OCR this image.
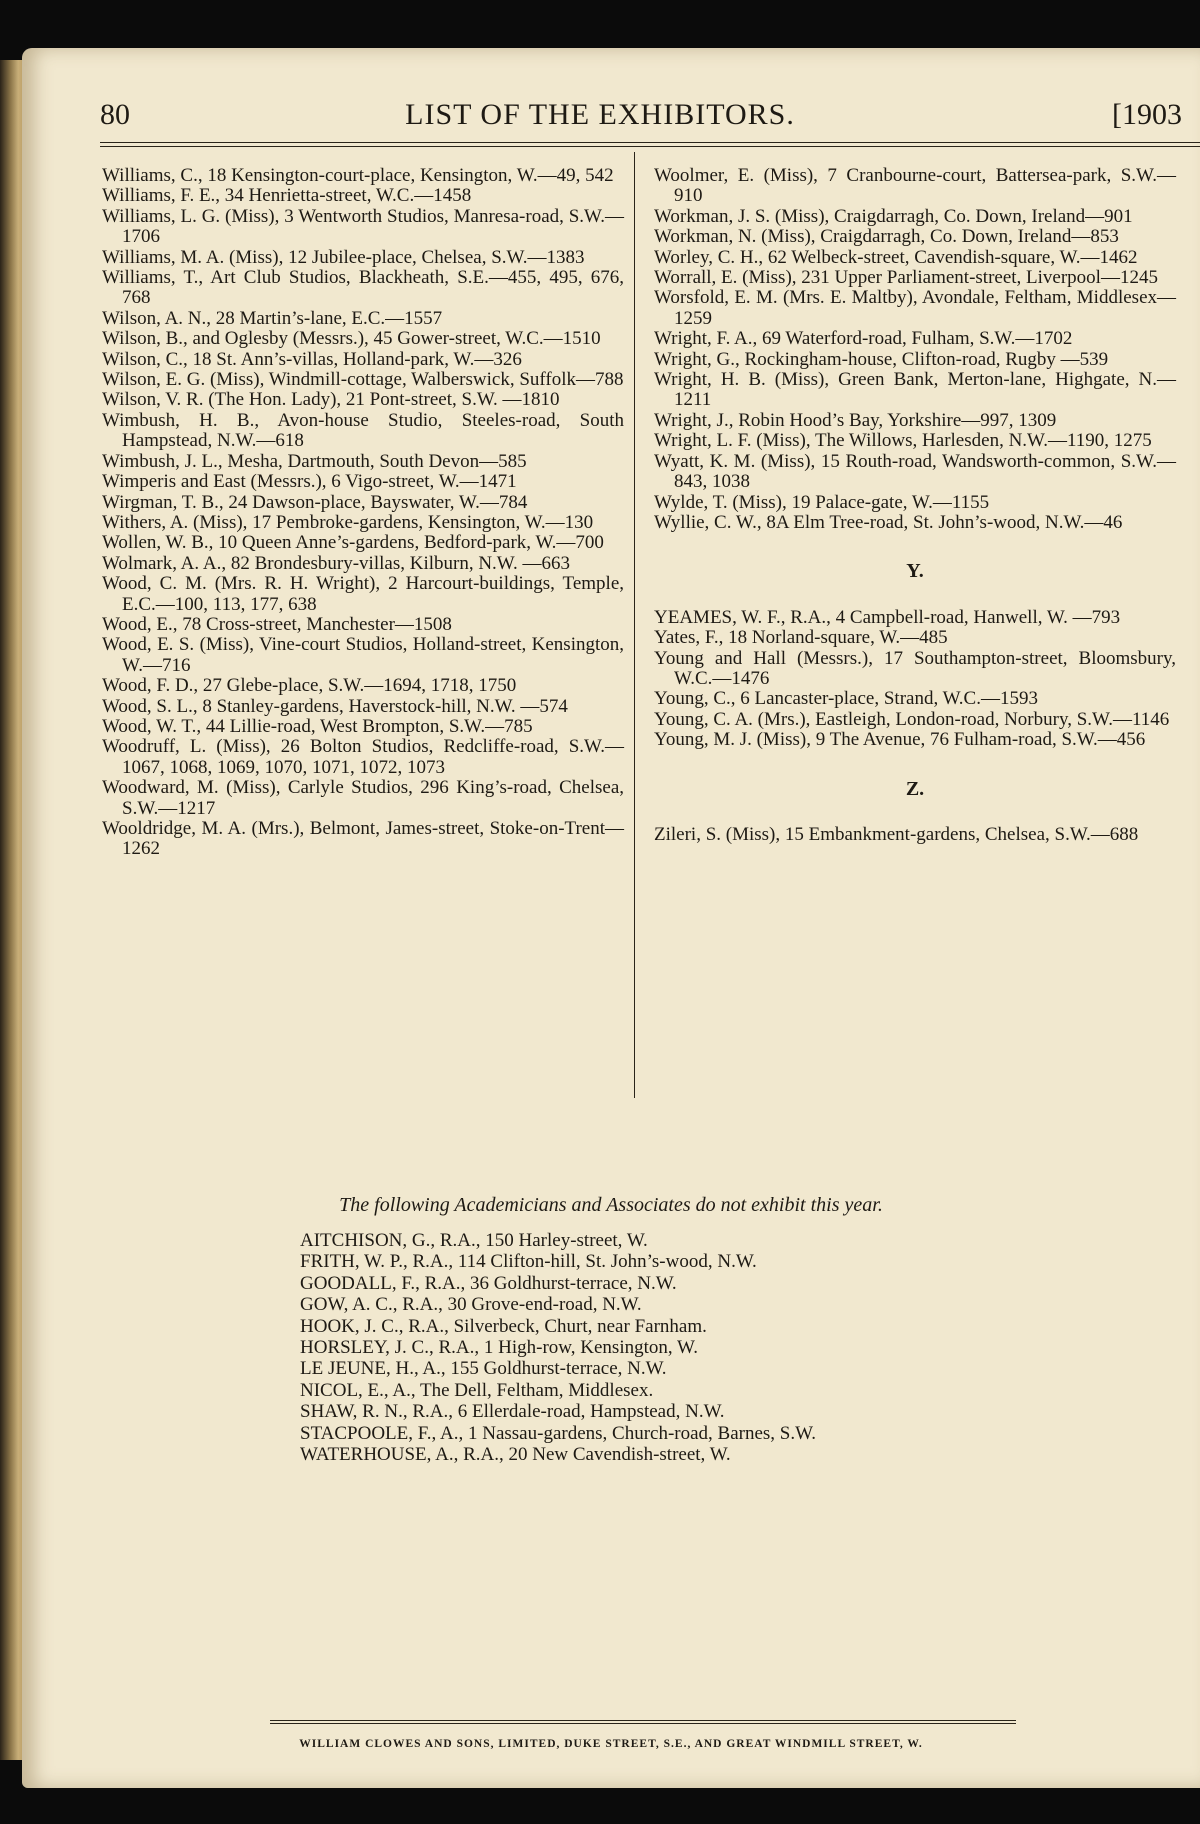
80	LIST OF THE EXHIBITORS.	[1903
Williams, C., 18 Kensington-court-place, Kensington, W.—49, 542
Williams, F. E., 34 Henrietta-street, W.C.—1458
Williams, L. G. (Miss), 3 Wentworth Studios, Manresa-road, S.W.—1706
Williams, M. A. (Miss), 12 Jubilee-place, Chelsea, S.W.—1383
Williams, T., Art Club Studios, Blackheath, S.E.—455, 495, 676, 768
Wilson, A. N., 28 Martin’s-lane, E.C.—1557
Wilson, B., and Oglesby (Messrs.), 45 Gower-street, W.C.—1510
Wilson, C., 18 St. Ann’s-villas, Holland-park, W.—326
Wilson, E. G. (Miss), Windmill-cottage, Walberswick, Suffolk—788
Wilson, V. R. (The Hon. Lady), 21 Pont-street, S.W. —1810
Wimbush, H. B., Avon-house Studio, Steeles-road, South Hampstead, N.W.—618
Wimbush, J. L., Mesha, Dartmouth, South Devon—585
Wimperis and East (Messrs.), 6 Vigo-street, W.—1471
Wirgman, T. B., 24 Dawson-place, Bayswater, W.—784
Withers, A. (Miss), 17 Pembroke-gardens, Kensington, W.—130
Wollen, W. B., 10 Queen Anne’s-gardens, Bedford-park, W.—700
Wolmark, A. A., 82 Brondesbury-villas, Kilburn, N.W. —663
Wood, C. M. (Mrs. R. H. Wright), 2 Harcourt-buildings, Temple, E.C.—100, 113, 177, 638
Wood, E., 78 Cross-street, Manchester—1508
Wood, E. S. (Miss), Vine-court Studios, Holland-street, Kensington, W.—716
Wood, F. D., 27 Glebe-place, S.W.—1694, 1718, 1750
Wood, S. L., 8 Stanley-gardens, Haverstock-hill, N.W. —574
Wood, W. T., 44 Lillie-road, West Brompton, S.W.—785
Woodruff, L. (Miss), 26 Bolton Studios, Redcliffe-road, S.W.—1067, 1068, 1069, 1070, 1071, 1072, 1073
Woodward, M. (Miss), Carlyle Studios, 296 King’s-road, Chelsea, S.W.—1217
Wooldridge, M. A. (Mrs.), Belmont, James-street, Stoke-on-Trent—1262
Woolmer, E. (Miss), 7 Cranbourne-court, Battersea-park, S.W.—910
Workman, J. S. (Miss), Craigdarragh, Co. Down, Ireland—901
Workman, N. (Miss), Craigdarragh, Co. Down, Ireland—853
Worley, C. H., 62 Welbeck-street, Cavendish-square, W.—1462
Worrall, E. (Miss), 231 Upper Parliament-street, Liverpool—1245
Worsfold, E. M. (Mrs. E. Maltby), Avondale, Feltham, Middlesex—1259
Wright, F. A., 69 Waterford-road, Fulham, S.W.—1702
Wright, G., Rockingham-house, Clifton-road, Rugby —539
Wright, H. B. (Miss), Green Bank, Merton-lane, Highgate, N.—1211
Wright, J., Robin Hood’s Bay, Yorkshire—997, 1309
Wright, L. F. (Miss), The Willows, Harlesden, N.W.—1190, 1275
Wyatt, K. M. (Miss), 15 Routh-road, Wandsworth-common, S.W.—843, 1038
Wylde, T. (Miss), 19 Palace-gate, W.—1155
Wyllie, C. W., 8A Elm Tree-road, St. John’s-wood, N.W.—46
Y.
YEAMES, W. F., R.A., 4 Campbell-road, Hanwell, W. —793
Yates, F., 18 Norland-square, W.—485
Young and Hall (Messrs.), 17 Southampton-street, Bloomsbury, W.C.—1476
Young, C., 6 Lancaster-place, Strand, W.C.—1593
Young, C. A. (Mrs.), Eastleigh, London-road, Norbury, S.W.—1146
Young, M. J. (Miss), 9 The Avenue, 76 Fulham-road, S.W.—456
Z.
Zileri, S. (Miss), 15 Embankment-gardens, Chelsea, S.W.—688
The following Academicians and Associates do not exhibit this year.
AITCHISON, G., R.A., 150 Harley-street, W.
FRITH, W. P., R.A., 114 Clifton-hill, St. John’s-wood, N.W.
GOODALL, F., R.A., 36 Goldhurst-terrace, N.W.
GOW, A. C., R.A., 30 Grove-end-road, N.W.
HOOK, J. C., R.A., Silverbeck, Churt, near Farnham.
HORSLEY, J. C., R.A., 1 High-row, Kensington, W.
LE JEUNE, H., A., 155 Goldhurst-terrace, N.W.
NICOL, E., A., The Dell, Feltham, Middlesex.
SHAW, R. N., R.A., 6 Ellerdale-road, Hampstead, N.W.
STACPOOLE, F., A., 1 Nassau-gardens, Church-road, Barnes, S.W.
WATERHOUSE, A., R.A., 20 New Cavendish-street, W.
WILLIAM CLOWES AND SONS, LIMITED, DUKE STREET, S.E., AND GREAT WINDMILL STREET, W.
